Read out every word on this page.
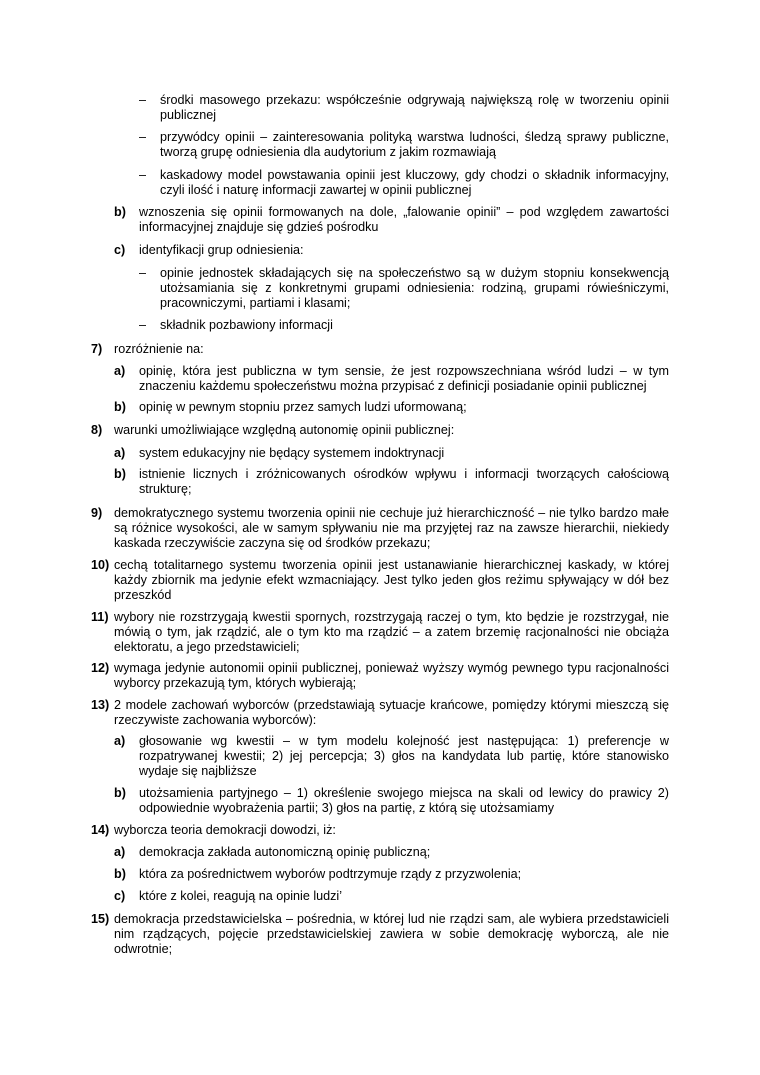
– środki masowego przekazu: współcześnie odgrywają największą rolę w tworzeniu opinii publicznej
– przywódcy opinii – zainteresowania polityką warstwa ludności, śledzą sprawy publiczne, tworzą grupę odniesienia dla audytorium z jakim rozmawiają
– kaskadowy model powstawania opinii jest kluczowy, gdy chodzi o składnik informacyjny, czyli ilość i naturę informacji zawartej w opinii publicznej
b) wznoszenia się opinii formowanych na dole, „falowanie opinii” – pod względem zawartości informacyjnej znajduje się gdzieś pośrodku
c) identyfikacji grup odniesienia:
– opinie jednostek składających się na społeczeństwo są w dużym stopniu konsekwencją utożsamiania się z konkretnymi grupami odniesienia: rodziną, grupami rówieśniczymi, pracowniczymi, partiami i klasami;
– składnik pozbawiony informacji
7) rozróżnienie na:
a) opinię, która jest publiczna w tym sensie, że jest rozpowszechniana wśród ludzi – w tym znaczeniu każdemu społeczeństwu można przypisać z definicji posiadanie opinii publicznej
b) opinię w pewnym stopniu przez samych ludzi uformowaną;
8) warunki umożliwiające względną autonomię opinii publicznej:
a) system edukacyjny nie będący systemem indoktrynacji
b) istnienie licznych i zróżnicowanych ośrodków wpływu i informacji tworzących całościową strukturę;
9) demokratycznego systemu tworzenia opinii nie cechuje już hierarchiczność – nie tylko bardzo małe są różnice wysokości, ale w samym spływaniu nie ma przyjętej raz na zawsze hierarchii, niekiedy kaskada rzeczywiście zaczyna się od środków przekazu;
10) cechą totalitarnego systemu tworzenia opinii jest ustanawianie hierarchicznej kaskady, w której każdy zbiornik ma jedynie efekt wzmacniający. Jest tylko jeden głos reżimu spływający w dół bez przeszkód
11) wybory nie rozstrzygają kwestii spornych, rozstrzygają raczej o tym, kto będzie je rozstrzygał, nie mówią o tym, jak rządzić, ale o tym kto ma rządzić – a zatem brzemię racjonalności nie obciąża elektoratu, a jego przedstawicieli;
12) wymaga jedynie autonomii opinii publicznej, ponieważ wyższy wymóg pewnego typu racjonalności wyborcy przekazują tym, których wybierają;
13) 2 modele zachowań wyborców (przedstawiają sytuacje krańcowe, pomiędzy którymi mieszczą się rzeczywiste zachowania wyborców):
a) głosowanie wg kwestii – w tym modelu kolejność jest następująca: 1) preferencje w rozpatrywanej kwestii; 2) jej percepcja; 3) głos na kandydata lub partię, które stanowisko wydaje się najbliższe
b) utożsamienia partyjnego – 1) określenie swojego miejsca na skali od lewicy do prawicy 2) odpowiednie wyobrażenia partii; 3) głos na partię, z którą się utożsamiamy
14) wyborcza teoria demokracji dowodzi, iż:
a) demokracja zakłada autonomiczną opinię publiczną;
b) która za pośrednictwem wyborów podtrzymuje rządy z przyzwolenia;
c) które z kolei, reagują na opinie ludzi’
15) demokracja przedstawicielska – pośrednia, w której lud nie rządzi sam, ale wybiera przedstawicieli nim rządzących, pojęcie przedstawicielskiej zawiera w sobie demokrację wyborczą, ale nie odwrotnie;
